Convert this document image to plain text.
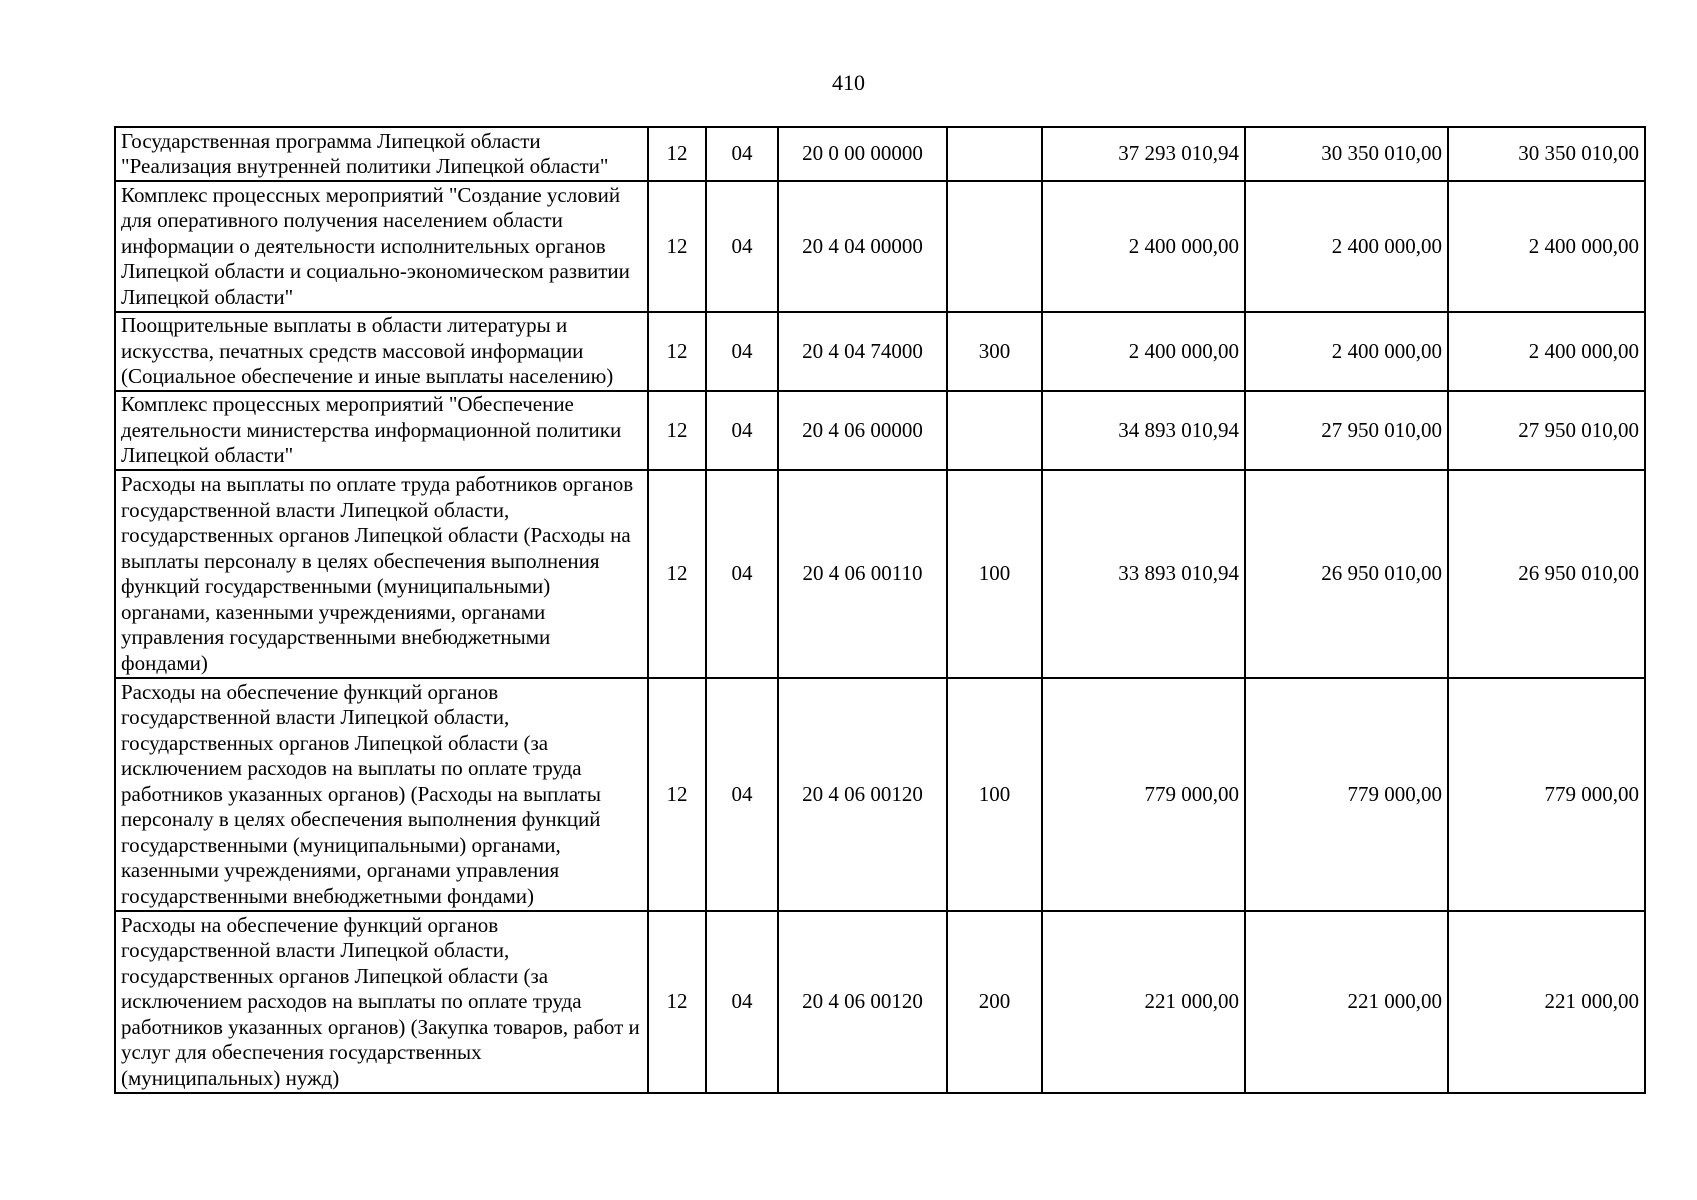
410
Государственная программа Липецкой области "Реализация внутренней политики Липецкой области"	12	04	20 0 00 00000		37 293 010,94	30 350 010,00	30 350 010,00
Комплекс процессных мероприятий "Создание условий для оперативного получения населением области информации о деятельности исполнительных органов Липецкой области и социально-экономическом развитии Липецкой области"	12	04	20 4 04 00000		2 400 000,00	2 400 000,00	2 400 000,00
Поощрительные выплаты в области литературы и искусства, печатных средств массовой информации (Социальное обеспечение и иные выплаты населению)	12	04	20 4 04 74000	300	2 400 000,00	2 400 000,00	2 400 000,00
Комплекс процессных мероприятий "Обеспечение деятельности министерства информационной политики Липецкой области"	12	04	20 4 06 00000		34 893 010,94	27 950 010,00	27 950 010,00
Расходы на выплаты по оплате труда работников органов государственной власти Липецкой области, государственных органов Липецкой области (Расходы на выплаты персоналу в целях обеспечения выполнения функций государственными (муниципальными) органами, казенными учреждениями, органами управления государственными внебюджетными фондами)	12	04	20 4 06 00110	100	33 893 010,94	26 950 010,00	26 950 010,00
Расходы на обеспечение функций органов государственной власти Липецкой области, государственных органов Липецкой области (за исключением расходов на выплаты по оплате труда работников указанных органов) (Расходы на выплаты персоналу в целях обеспечения выполнения функций государственными (муниципальными) органами, казенными учреждениями, органами управления государственными внебюджетными фондами)	12	04	20 4 06 00120	100	779 000,00	779 000,00	779 000,00
Расходы на обеспечение функций органов государственной власти Липецкой области, государственных органов Липецкой области (за исключением расходов на выплаты по оплате труда работников указанных органов) (Закупка товаров, работ и услуг для обеспечения государственных (муниципальных) нужд)	12	04	20 4 06 00120	200	221 000,00	221 000,00	221 000,00
